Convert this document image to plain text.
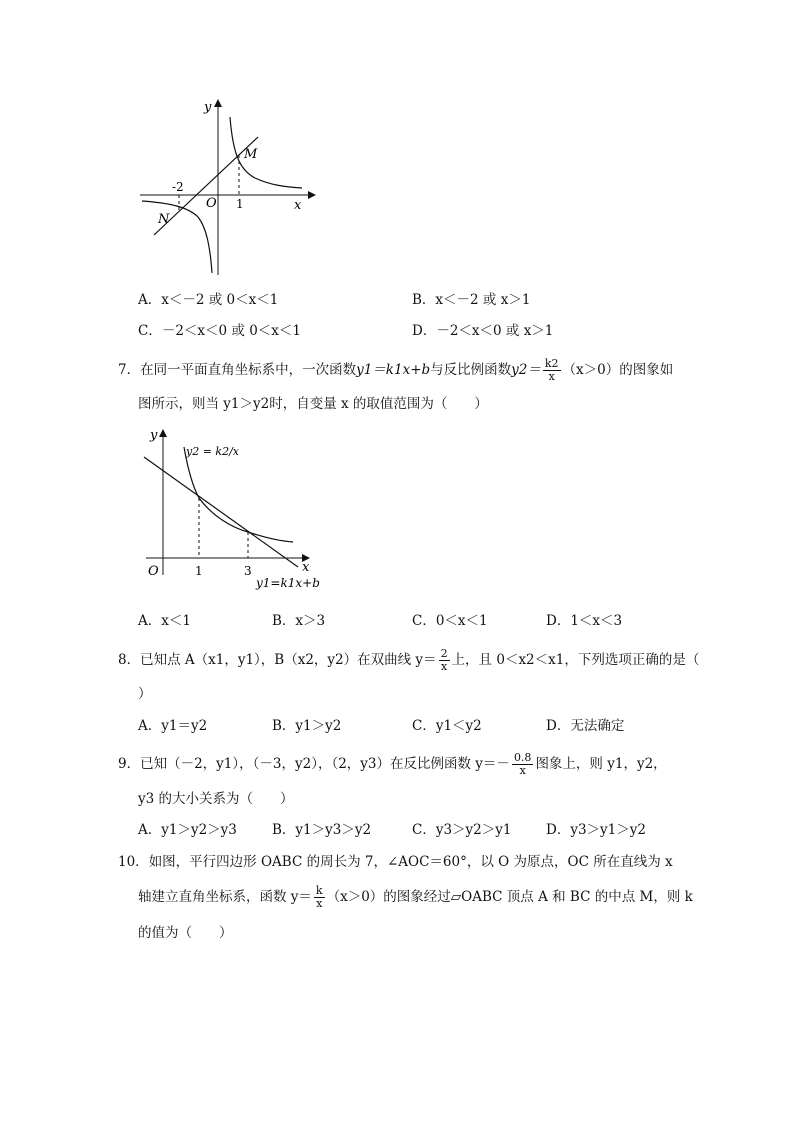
y
x
O
M
N
-2
1
A．x＜－2 或 0＜x＜1	B．x＜－2 或 x＞1
C．－2＜x＜0 或 0＜x＜1	D．－2＜x＜0 或 x＞1
7．在同一平面直角坐标系中，一次函数y1＝k1x+b与反比例函数$y2= \frac{k2}{x} (x>0)$的图象如
图所示，则当 y1＞y2时，自变量 x 的取值范围为（　　）
y
x
O	1	3
y2 = k2/x
y1=k1x+b
A．x＜1	B．x＞3	C．0＜x＜1	D．1＜x＜3
8．已知点 A（x1，y1），B（x2，y2）在双曲线 $y= \frac{2}{x}$ 上，且 0＜x2＜x1，下列选项正确的是（
）
A．y1＝y2	B．y1＞y2	C．y1＜y2	D．无法确定
9．已知（－2，y1），（－3，y2），（2，y3）在反比例函数 $y=- \frac{0.8}{x}$ 图象上，则 y1，y2，
y3 的大小关系为（　　）
A．y1＞y2＞y3	B．y1＞y3＞y2	C．y3＞y2＞y1	D．y3＞y1＞y2
10．如图，平行四边形 OABC 的周长为 7，∠AOC＝60°，以 O 为原点，OC 所在直线为 x
轴建立直角坐标系，函数 $y= \frac{k}{x} (x>0)$的图象经过▱OABC 顶点 A 和 BC 的中点 M，则 k
的值为（　　）
